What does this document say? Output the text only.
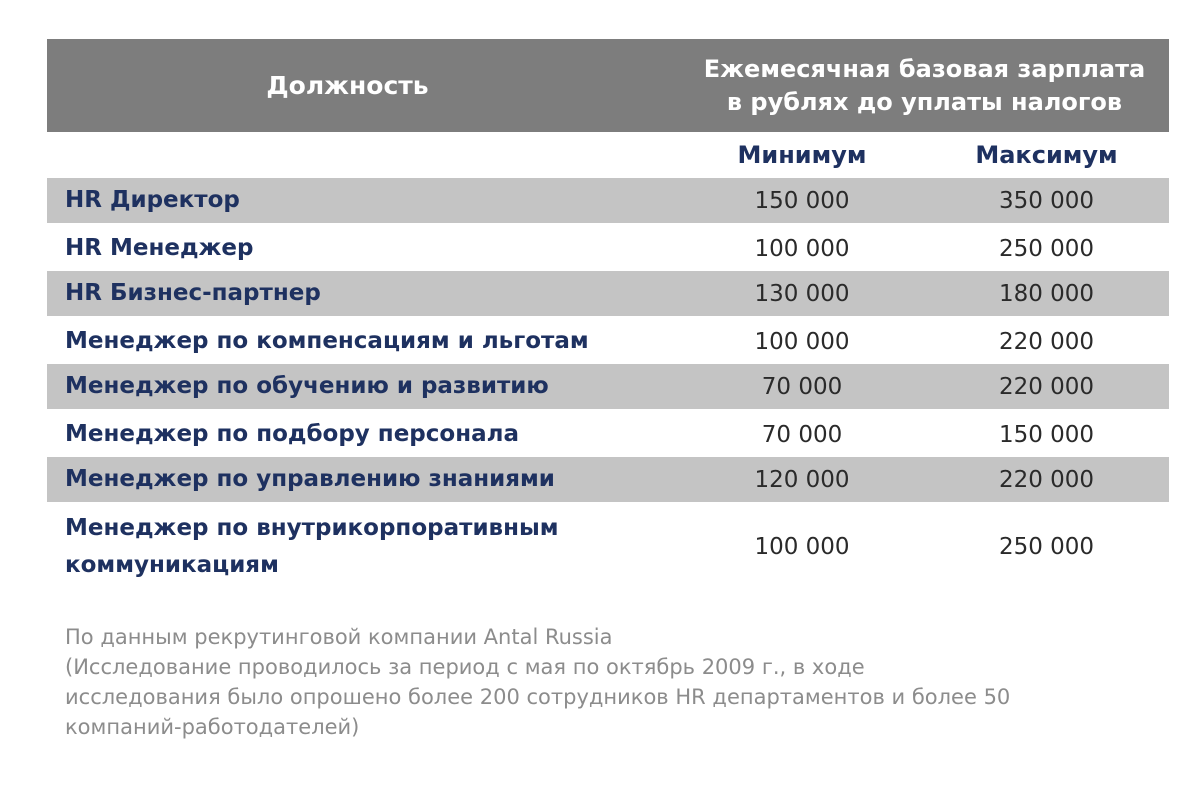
Должность
Ежемесячная базовая зарплата
в рублях до уплаты налогов
Минимум	Максимум
HR Директор	150 000	350 000
HR Менеджер	100 000	250 000
HR Бизнес-партнер	130 000	180 000
Менеджер по компенсациям и льготам	100 000	220 000
Менеджер по обучению и развитию	70 000	220 000
Менеджер по подбору персонала	70 000	150 000
Менеджер по управлению знаниями	120 000	220 000
Менеджер по внутрикорпоративным
коммуникациям
100 000	250 000
По данным рекрутинговой компании Antal Russia
(Исследование проводилось за период с мая по октябрь 2009 г., в ходе
исследования было опрошено более 200 сотрудников HR департаментов и более 50
компаний-работодателей)
